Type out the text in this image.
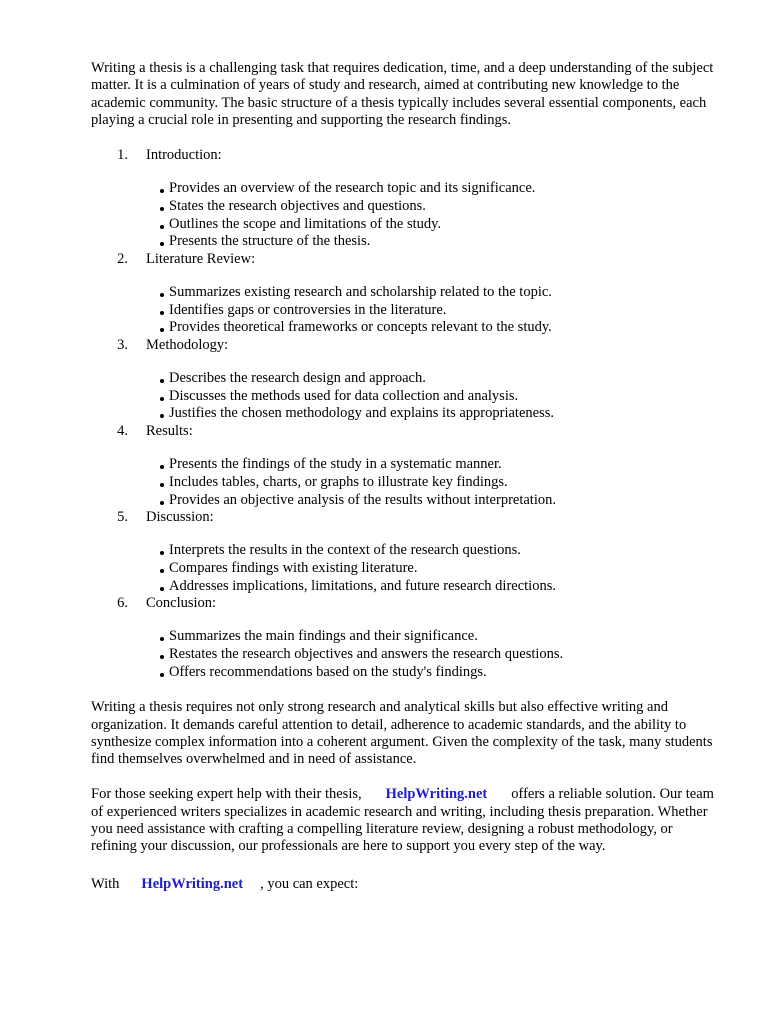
Writing a thesis is a challenging task that requires dedication, time, and a deep understanding of the subject matter. It is a culmination of years of study and research, aimed at contributing new knowledge to the academic community. The basic structure of a thesis typically includes several essential components, each playing a crucial role in presenting and supporting the research findings.

1. Introduction:
Provides an overview of the research topic and its significance.
States the research objectives and questions.
Outlines the scope and limitations of the study.
Presents the structure of the thesis.
2. Literature Review:
Summarizes existing research and scholarship related to the topic.
Identifies gaps or controversies in the literature.
Provides theoretical frameworks or concepts relevant to the study.
3. Methodology:
Describes the research design and approach.
Discusses the methods used for data collection and analysis.
Justifies the chosen methodology and explains its appropriateness.
4. Results:
Presents the findings of the study in a systematic manner.
Includes tables, charts, or graphs to illustrate key findings.
Provides an objective analysis of the results without interpretation.
5. Discussion:
Interprets the results in the context of the research questions.
Compares findings with existing literature.
Addresses implications, limitations, and future research directions.
6. Conclusion:
Summarizes the main findings and their significance.
Restates the research objectives and answers the research questions.
Offers recommendations based on the study's findings.

Writing a thesis requires not only strong research and analytical skills but also effective writing and organization. It demands careful attention to detail, adherence to academic standards, and the ability to synthesize complex information into a coherent argument. Given the complexity of the task, many students find themselves overwhelmed and in need of assistance.

For those seeking expert help with their thesis, HelpWriting.net offers a reliable solution. Our team of experienced writers specializes in academic research and writing, including thesis preparation. Whether you need assistance with crafting a compelling literature review, designing a robust methodology, or refining your discussion, our professionals are here to support you every step of the way.

With HelpWriting.net , you can expect:
